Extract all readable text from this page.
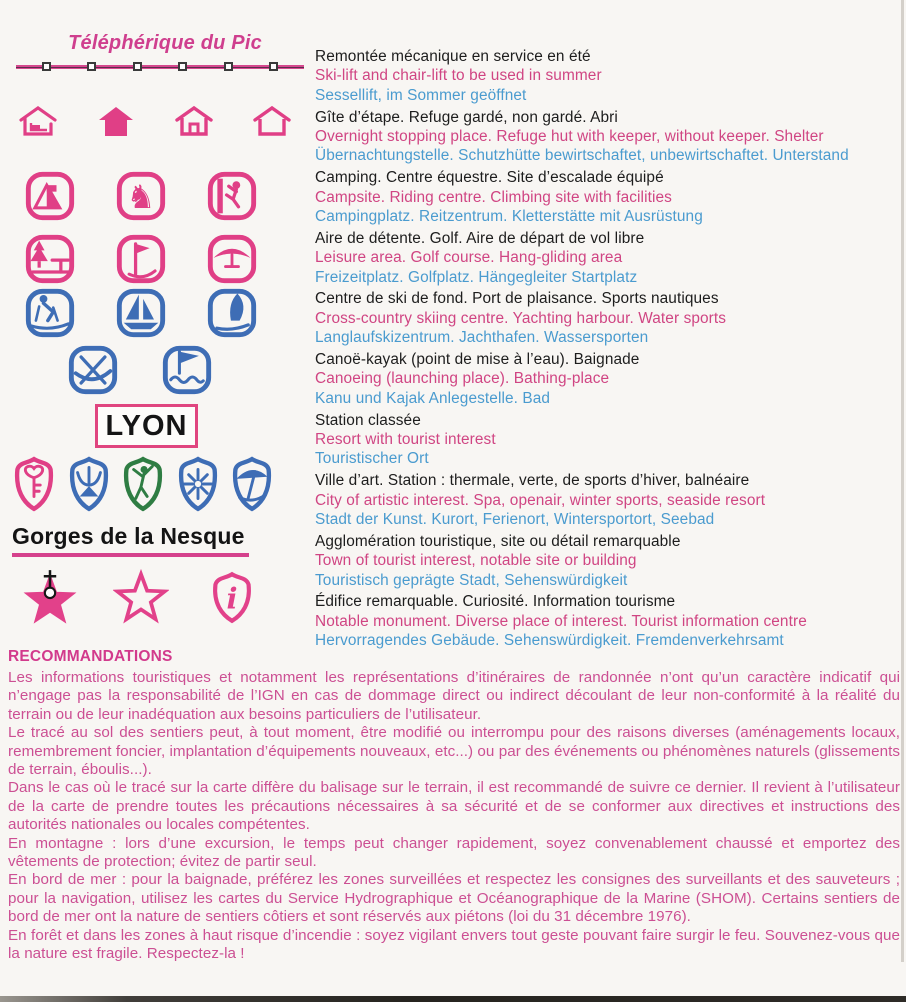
Téléphérique du Pic
♞
LYON
Gorges de la Nesque
i

Remontée mécanique en service en été

Ski-lift and chair-lift to be used in summer

Sessellift, im Sommer geöffnet

Gîte d’étape. Refuge gardé, non gardé. Abri

Overnight stopping place. Refuge hut with keeper, without keeper. Shelter

Übernachtungstelle. Schutzhütte bewirtschaftet, unbewirtschaftet. Unterstand

Camping. Centre équestre. Site d’escalade équipé

Campsite. Riding centre. Climbing site with facilities

Campingplatz. Reitzentrum. Kletterstätte mit Ausrüstung

Aire de détente. Golf. Aire de départ de vol libre

Leisure area. Golf course. Hang-gliding area

Freizeitplatz. Golfplatz. Hängegleiter Startplatz

Centre de ski de fond. Port de plaisance. Sports nautiques

Cross-country skiing centre. Yachting harbour. Water sports

Langlaufskizentrum. Jachthafen. Wassersporten

Canoë-kayak (point de mise à l’eau). Baignade

Canoeing (launching place). Bathing-place

Kanu und Kajak Anlegestelle. Bad

Station classée

Resort with tourist interest

Touristischer Ort

Ville d’art. Station : thermale, verte, de sports d’hiver, balnéaire

City of artistic interest. Spa, openair, winter sports, seaside resort

Stadt der Kunst. Kurort, Ferienort, Wintersportort, Seebad

Agglomération touristique, site ou détail remarquable

Town of tourist interest, notable site or building

Touristisch geprägte Stadt, Sehenswürdigkeit

Édifice remarquable. Curiosité. Information tourisme

Notable monument. Diverse place of interest. Tourist information centre

Hervorragendes Gebäude. Sehenswürdigkeit. Fremdenverkehrsamt

RECOMMANDATIONS

Les informations touristiques et notamment les représentations d’itinéraires de randonnée n’ont qu’un caractère indicatif qui n’engage pas la responsabilité de l’IGN en cas de dommage direct ou indirect découlant de leur non-conformité à la réalité du terrain ou de leur inadéquation aux besoins particuliers de l’utilisateur.

Le tracé au sol des sentiers peut, à tout moment, être modifié ou interrompu pour des raisons diverses (aménagements locaux, remembrement foncier, implantation d’équipements nouveaux, etc...) ou par des événements ou phénomènes naturels (glissements de terrain, éboulis...).

Dans le cas où le tracé sur la carte diffère du balisage sur le terrain, il est recommandé de suivre ce dernier. Il revient à l’utilisateur de la carte de prendre toutes les précautions nécessaires à sa sécurité et de se conformer aux directives et instructions des autorités nationales ou locales compétentes.

En montagne : lors d’une excursion, le temps peut changer rapidement, soyez convenablement chaussé et emportez des vêtements de protection; évitez de partir seul.

En bord de mer : pour la baignade, préférez les zones surveillées et respectez les consignes des surveillants et des sauveteurs ; pour la navigation, utilisez les cartes du Service Hydrographique et Océanographique de la Marine (SHOM). Certains sentiers de bord de mer ont la nature de sentiers côtiers et sont réservés aux piétons (loi du 31 décembre 1976).

En forêt et dans les zones à haut risque d’incendie : soyez vigilant envers tout geste pouvant faire surgir le feu. Souvenez-vous que la nature est fragile. Respectez-la !
